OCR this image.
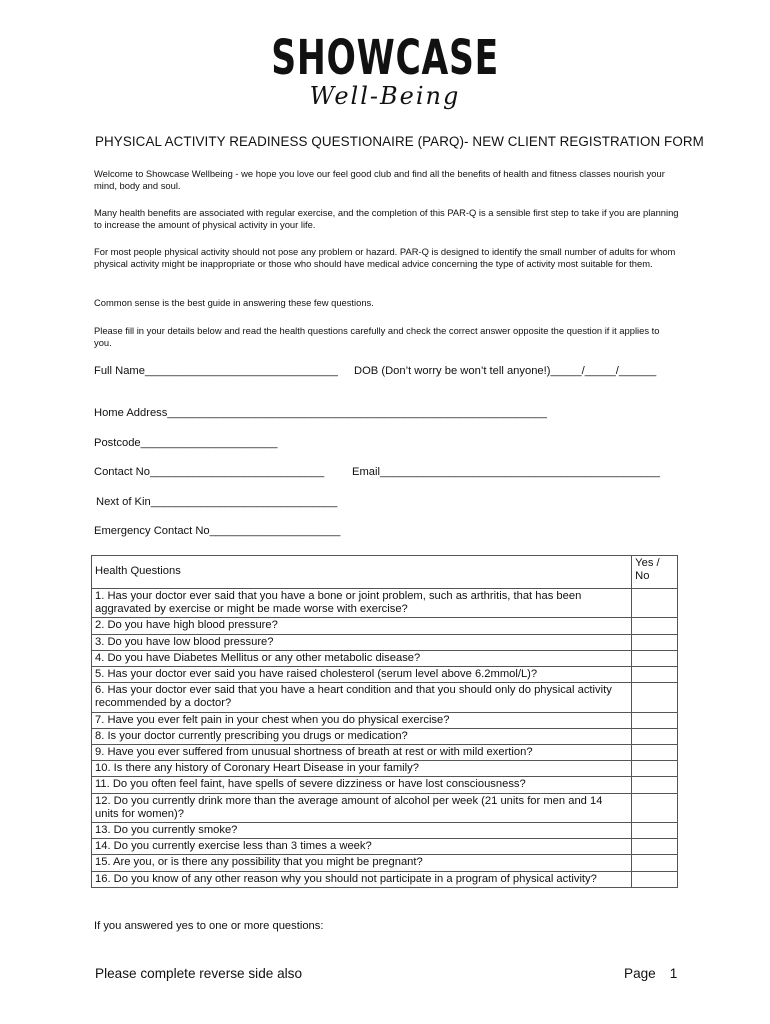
SHOWCASE
Well-Being
PHYSICAL ACTIVITY READINESS QUESTIONAIRE (PARQ)- NEW CLIENT REGISTRATION FORM
Welcome to Showcase Wellbeing - we hope you love our feel good club and find all the benefits of health and fitness classes nourish your mind, body and soul.
Many health benefits are associated with regular exercise, and the completion of this PAR-Q is a sensible first step to take if you are planning to increase the amount of physical activity in your life.
For most people physical activity should not pose any problem or hazard. PAR-Q is designed to identify the small number of adults for whom physical activity might be inappropriate or those who should have medical advice concerning the type of activity most suitable for them.
Common sense is the best guide in answering these few questions.
Please fill in your details below and read the health questions carefully and check the correct answer opposite the question if it applies to you.
Full Name_______________________________ DOB (Don’t worry be won’t tell anyone!)_____/_____/______
Home Address_____________________________________________________________
Postcode______________________
Contact No____________________________ Email_____________________________________________
Next of Kin______________________________
Emergency Contact No_____________________
Health Questions	Yes / No
1. Has your doctor ever said that you have a bone or joint problem, such as arthritis, that has been aggravated by exercise or might be made worse with exercise?	
2. Do you have high blood pressure?	
3. Do you have low blood pressure?	
4. Do you have Diabetes Mellitus or any other metabolic disease?	
5. Has your doctor ever said you have raised cholesterol (serum level above 6.2mmol/L)?	
6. Has your doctor ever said that you have a heart condition and that you should only do physical activity recommended by a doctor?	
7. Have you ever felt pain in your chest when you do physical exercise?	
8. Is your doctor currently prescribing you drugs or medication?	
9. Have you ever suffered from unusual shortness of breath at rest or with mild exertion?	
10. Is there any history of Coronary Heart Disease in your family?	
11. Do you often feel faint, have spells of severe dizziness or have lost consciousness?	
12. Do you currently drink more than the average amount of alcohol per week (21 units for men and 14 units for women)?	
13. Do you currently smoke?	
14. Do you currently exercise less than 3 times a week?	
15. Are you, or is there any possibility that you might be pregnant?	
16. Do you know of any other reason why you should not participate in a program of physical activity?	
If you answered yes to one or more questions:
Please complete reverse side also	Page 1
